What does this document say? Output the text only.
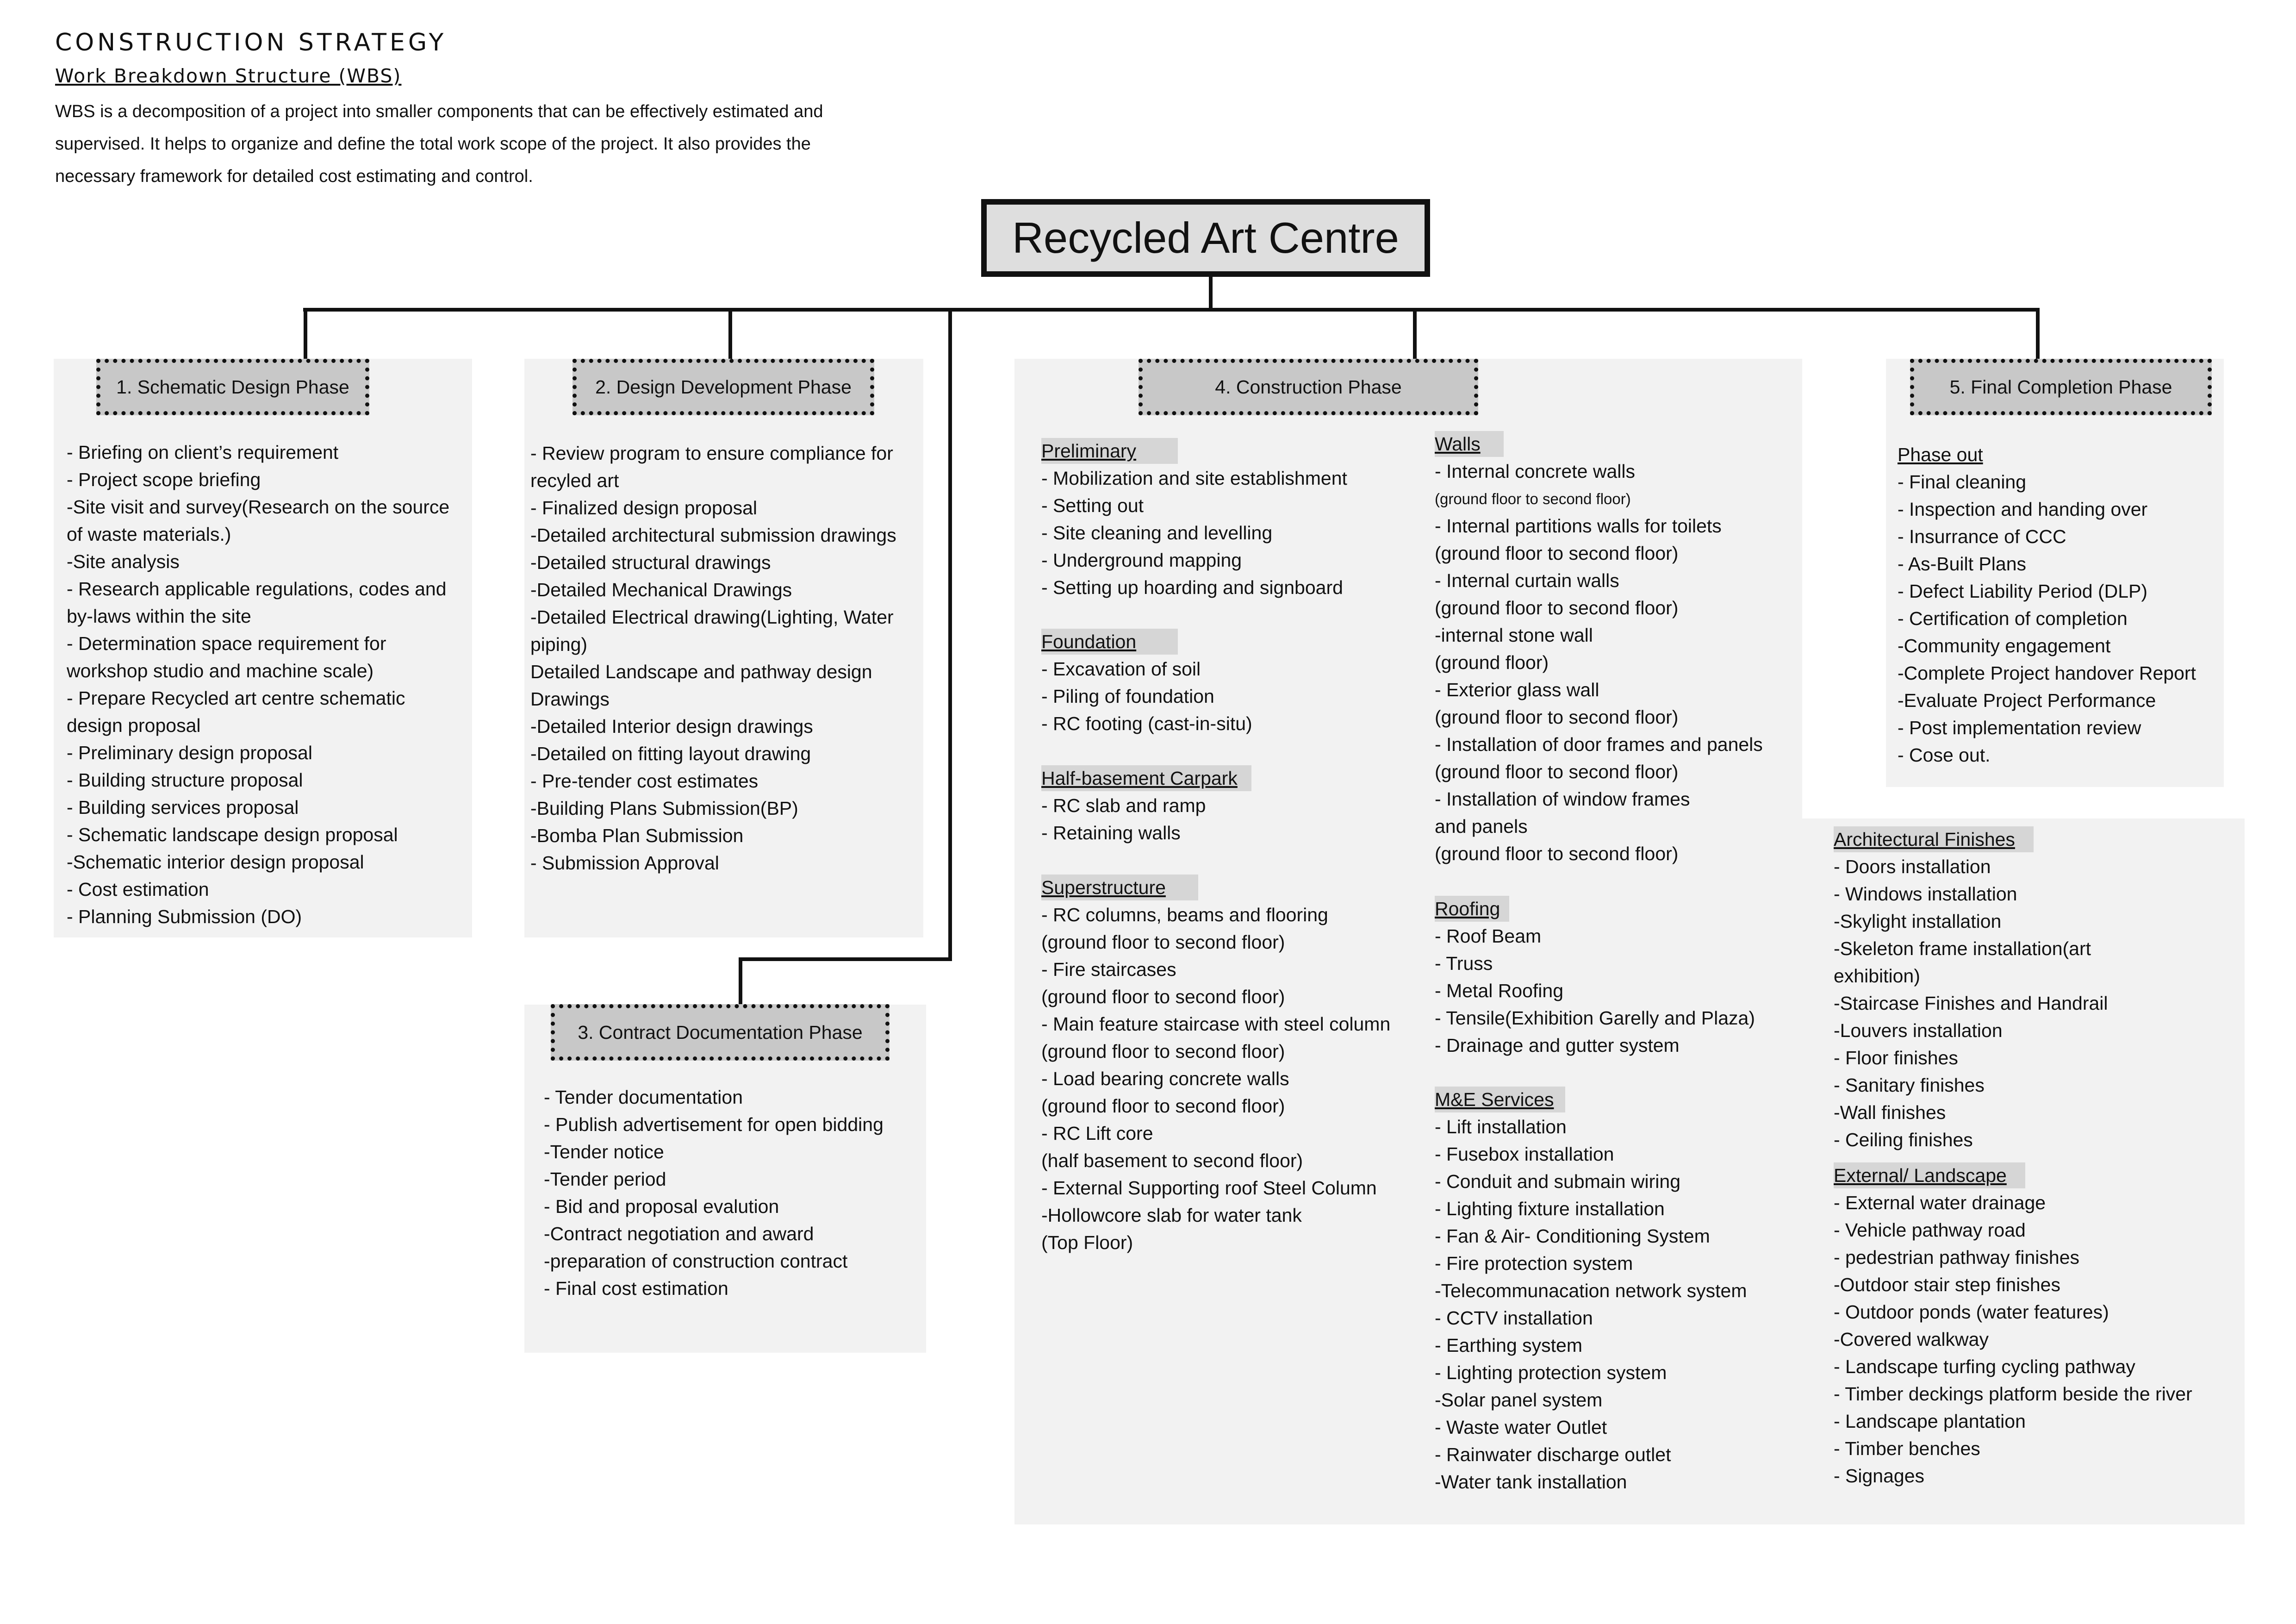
CONSTRUCTION STRATEGY
Work Breakdown Structure (WBS)
WBS is a decomposition of a project into smaller components that can be effectively estimated and
supervised. It helps to organize and define the total work scope of the project. It also provides the
necessary framework for detailed cost estimating and control.
Recycled Art Centre
1. Schematic Design Phase	2. Design Development Phase
3. Contract Documentation Phase
4. Construction Phase	5. Final Completion Phase
- Briefing on client’s requirement
- Project scope briefing
-Site visit and survey(Research on the source
of waste materials.)
-Site analysis
- Research applicable regulations, codes and
by-laws within the site
- Determination space requirement for
workshop studio and machine scale)
- Prepare Recycled art centre schematic
design proposal
- Preliminary design proposal
- Building structure proposal
- Building services proposal
- Schematic landscape design proposal
-Schematic interior design proposal
- Cost estimation
- Planning Submission (DO)
- Review program to ensure compliance for
recyled art
- Finalized design proposal
-Detailed architectural submission drawings
-Detailed structural drawings
-Detailed Mechanical Drawings
-Detailed Electrical drawing(Lighting, Water
piping)
Detailed Landscape and pathway design
Drawings
-Detailed Interior design drawings
-Detailed on fitting layout drawing
- Pre-tender cost estimates
-Building Plans Submission(BP)
-Bomba Plan Submission
- Submission Approval
- Tender documentation
- Publish advertisement for open bidding
-Tender notice
-Tender period
- Bid and proposal evalution
-Contract negotiation and award
-preparation of construction contract
- Final cost estimation
Preliminary
- Mobilization and site establishment
- Setting out
- Site cleaning and levelling
- Underground mapping
- Setting up hoarding and signboard
Foundation
- Excavation of soil
- Piling of foundation
- RC footing (cast-in-situ)
Half-basement Carpark
- RC slab and ramp
- Retaining walls
Superstructure
- RC columns, beams and flooring
(ground floor to second floor)
- Fire staircases
(ground floor to second floor)
- Main feature staircase with steel column
(ground floor to second floor)
- Load bearing concrete walls
(ground floor to second floor)
- RC Lift core
(half basement to second floor)
- External Supporting roof Steel Column
-Hollowcore slab for water tank
(Top Floor)
Walls
- Internal concrete walls
(ground floor to second floor)
- Internal partitions walls for toilets
(ground floor to second floor)
- Internal curtain walls
(ground floor to second floor)
-internal stone wall
(ground floor)
- Exterior glass wall
(ground floor to second floor)
- Installation of door frames and panels
(ground floor to second floor)
- Installation of window frames
and panels
(ground floor to second floor)
Roofing
- Roof Beam
- Truss
- Metal Roofing
- Tensile(Exhibition Garelly and Plaza)
- Drainage and gutter system
M&E Services
- Lift installation
- Fusebox installation
- Conduit and submain wiring
- Lighting fixture installation
- Fan & Air- Conditioning System
- Fire protection system
-Telecommunacation network system
- CCTV installation
- Earthing system
- Lighting protection system
-Solar panel system
- Waste water Outlet
- Rainwater discharge outlet
-Water tank installation
Architectural Finishes
- Doors installation
- Windows installation
-Skylight installation
-Skeleton frame installation(art
exhibition)
-Staircase Finishes and Handrail
-Louvers installation
- Floor finishes
- Sanitary finishes
-Wall finishes
- Ceiling finishes
External/ Landscape
- External water drainage
- Vehicle pathway road
- pedestrian pathway finishes
-Outdoor stair step finishes
- Outdoor ponds (water features)
-Covered walkway
- Landscape turfing cycling pathway
- Timber deckings platform beside the river
- Landscape plantation
- Timber benches
- Signages
Phase out
- Final cleaning
- Inspection and handing over
- Insurrance of CCC
- As-Built Plans
- Defect Liability Period (DLP)
- Certification of completion
-Community engagement
-Complete Project handover Report
-Evaluate Project Performance
- Post implementation review
- Cose out.
